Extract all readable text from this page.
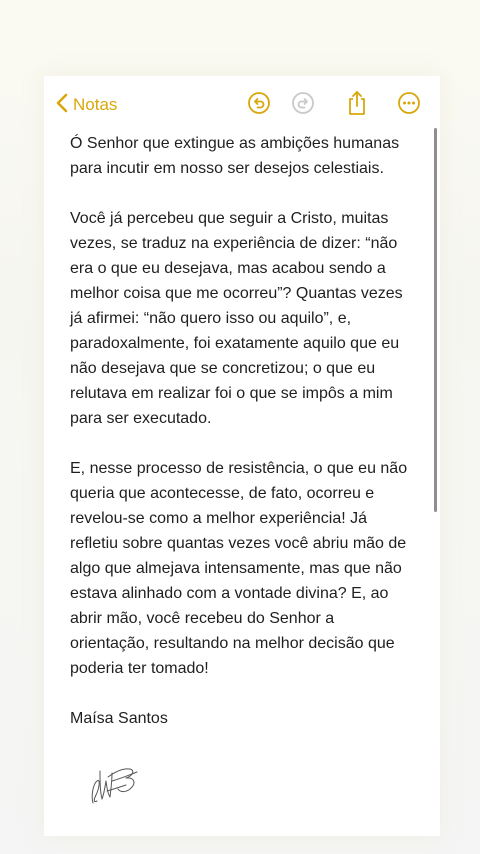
Notas

Ó Senhor que extingue as ambições humanas para incutir em nosso ser desejos celestiais.

Você já percebeu que seguir a Cristo, muitas vezes, se traduz na experiência de dizer: “não era o que eu desejava, mas acabou sendo a melhor coisa que me ocorreu”? Quantas vezes já afirmei: “não quero isso ou aquilo”, e, paradoxalmente, foi exatamente aquilo que eu não desejava que se concretizou; o que eu relutava em realizar foi o que se impôs a mim para ser executado.

E, nesse processo de resistência, o que eu não queria que acontecesse, de fato, ocorreu e revelou-se como a melhor experiência! Já refletiu sobre quantas vezes você abriu mão de algo que almejava intensamente, mas que não estava alinhado com a vontade divina? E, ao abrir mão, você recebeu do Senhor a orientação, resultando na melhor decisão que poderia ter tomado!

Maísa Santos
